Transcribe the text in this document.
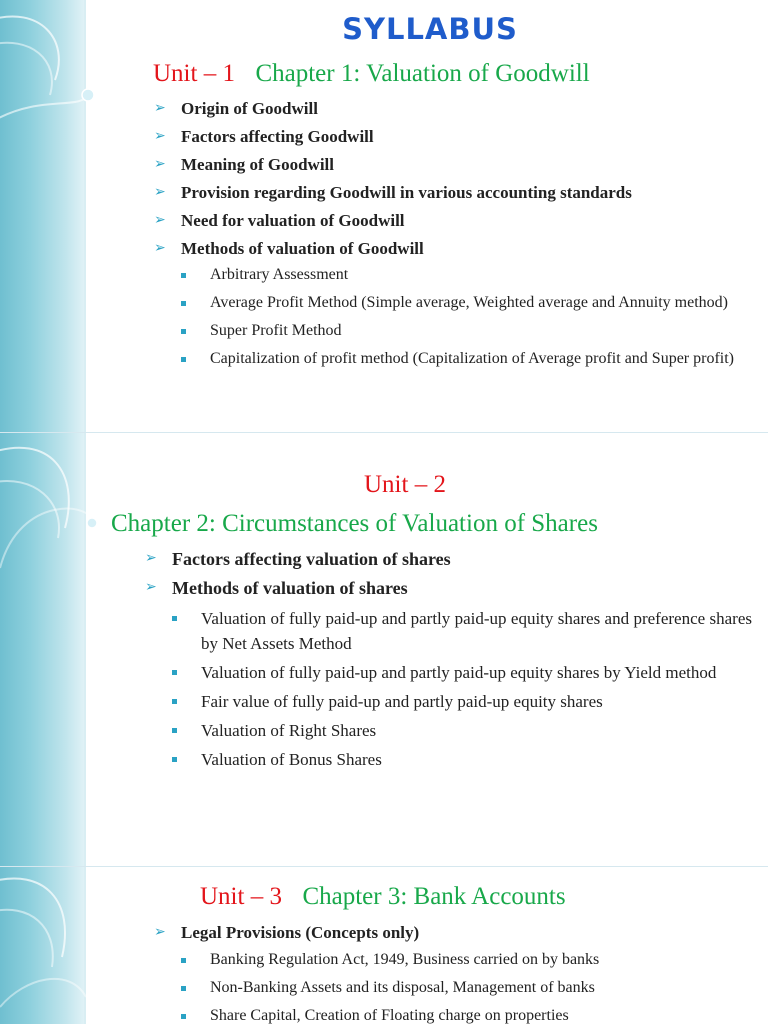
SYLLABUS
Unit – 1 Chapter 1: Valuation of Goodwill
➢ Origin of Goodwill
➢ Factors affecting Goodwill
➢ Meaning of Goodwill
➢ Provision regarding Goodwill in various accounting standards
➢ Need for valuation of Goodwill
➢ Methods of valuation of Goodwill
Arbitrary Assessment
Average Profit Method (Simple average, Weighted average and Annuity method)
Super Profit Method
Capitalization of profit method (Capitalization of Average profit and Super profit)
Unit – 2
Chapter 2: Circumstances of Valuation of Shares
➢ Factors affecting valuation of shares
➢ Methods of valuation of shares
Valuation of fully paid-up and partly paid-up equity shares and preference shares by Net Assets Method
Valuation of fully paid-up and partly paid-up equity shares by Yield method
Fair value of fully paid-up and partly paid-up equity shares
Valuation of Right Shares
Valuation of Bonus Shares
Unit – 3 Chapter 3: Bank Accounts
➢ Legal Provisions (Concepts only)
Banking Regulation Act, 1949, Business carried on by banks
Non-Banking Assets and its disposal, Management of banks
Share Capital, Creation of Floating charge on properties
